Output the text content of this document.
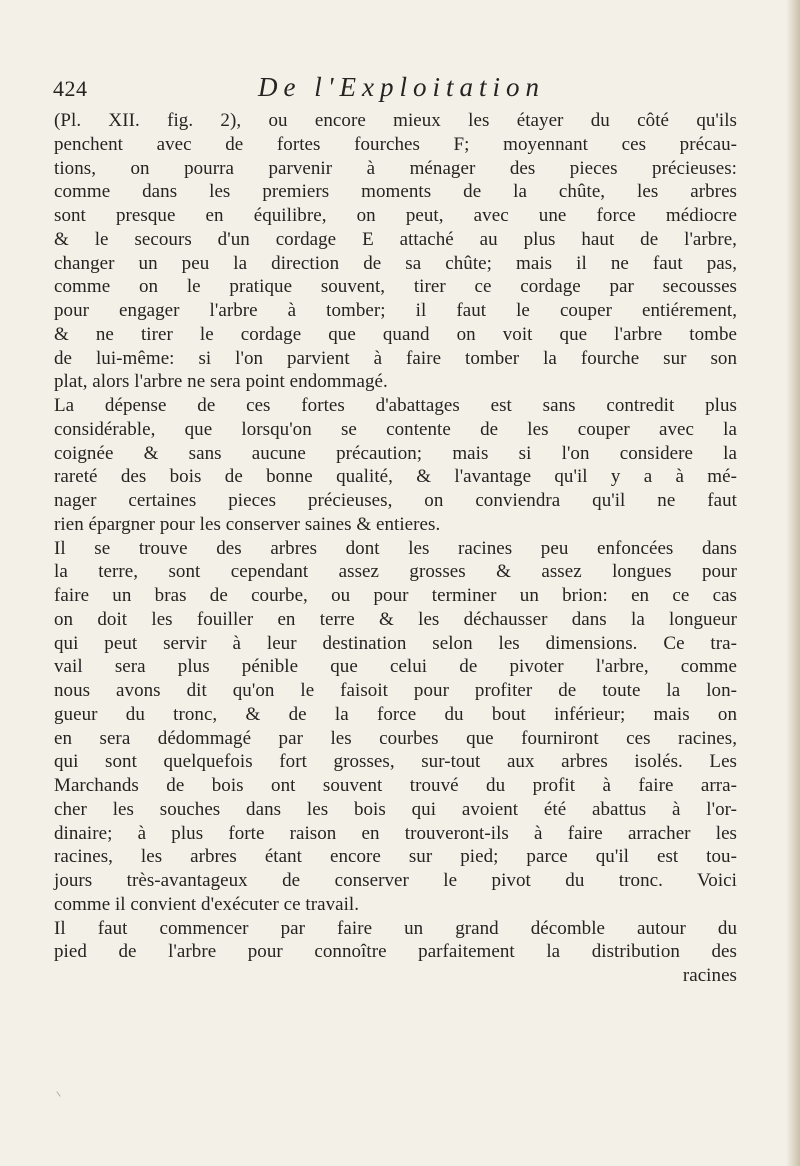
424	De l'Exploitation
(Pl. XII. fig. 2), ou encore mieux les étayer du côté qu'ils
penchent avec de fortes fourches F; moyennant ces précau-
tions, on pourra parvenir à ménager des pieces précieuses:
comme dans les premiers moments de la chûte, les arbres
sont presque en équilibre, on peut, avec une force médiocre
& le secours d'un cordage E attaché au plus haut de l'arbre,
changer un peu la direction de sa chûte; mais il ne faut pas,
comme on le pratique souvent, tirer ce cordage par secousses
pour engager l'arbre à tomber; il faut le couper entiérement,
& ne tirer le cordage que quand on voit que l'arbre tombe
de lui-même: si l'on parvient à faire tomber la fourche sur son
plat, alors l'arbre ne sera point endommagé.
La dépense de ces fortes d'abattages est sans contredit plus
considérable, que lorsqu'on se contente de les couper avec la
coignée & sans aucune précaution; mais si l'on considere la
rareté des bois de bonne qualité, & l'avantage qu'il y a à mé-
nager certaines pieces précieuses, on conviendra qu'il ne faut
rien épargner pour les conserver saines & entieres.
Il se trouve des arbres dont les racines peu enfoncées dans
la terre, sont cependant assez grosses & assez longues pour
faire un bras de courbe, ou pour terminer un brion: en ce cas
on doit les fouiller en terre & les déchausser dans la longueur
qui peut servir à leur destination selon les dimensions. Ce tra-
vail sera plus pénible que celui de pivoter l'arbre, comme
nous avons dit qu'on le faisoit pour profiter de toute la lon-
gueur du tronc, & de la force du bout inférieur; mais on
en sera dédommagé par les courbes que fourniront ces racines,
qui sont quelquefois fort grosses, sur-tout aux arbres isolés. Les
Marchands de bois ont souvent trouvé du profit à faire arra-
cher les souches dans les bois qui avoient été abattus à l'or-
dinaire; à plus forte raison en trouveront-ils à faire arracher les
racines, les arbres étant encore sur pied; parce qu'il est tou-
jours très-avantageux de conserver le pivot du tronc. Voici
comme il convient d'exécuter ce travail.
Il faut commencer par faire un grand décomble autour du
pied de l'arbre pour connoître parfaitement la distribution des
racines
